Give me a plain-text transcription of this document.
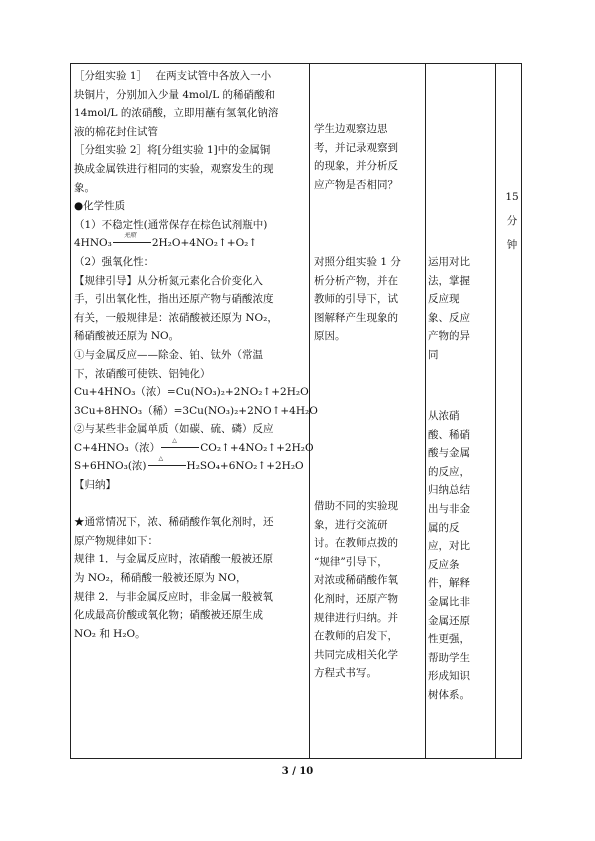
［分组实验 1］　 在两支试管中各放入一小
块铜片，分别加入少量 4mol/L 的稀硝酸和
14mol/L 的浓硝酸，立即用蘸有氢氧化钠溶
液的棉花封住试管
［分组实验 2］将[分组实验 1]中的金属铜
换成金属铁进行相同的实验，观察发生的现
象。
●化学性质
（1）不稳定性(通常保存在棕色试剂瓶中)
4HNO₃
光照
2H₂O+4NO₂↑+O₂↑
（2）强氧化性：
【规律引导】从分析氮元素化合价变化入
手，引出氧化性，指出还原产物与硝酸浓度
有关，一般规律是：浓硝酸被还原为 NO₂，
稀硝酸被还原为 NO。
①与金属反应——除金、铂、钛外（常温
下，浓硝酸可使铁、铝钝化）
Cu+4HNO₃（浓）=Cu(NO₃)₂+2NO₂↑+2H₂O
3Cu+8HNO₃（稀）=3Cu(NO₃)₂+2NO↑+4H₂O
②与某些非金属单质（如碳、硫、磷）反应
C+4HNO₃（浓）
△
CO₂↑+4NO₂↑+2H₂O
S+6HNO₃(浓)
△
H₂SO₄+6NO₂↑+2H₂O
【归纳】
★通常情况下，浓、稀硝酸作氧化剂时，还
原产物规律如下：
规律 1．与金属反应时，浓硝酸一般被还原
为 NO₂，稀硝酸一般被还原为 NO，
规律 2．与非金属反应时，非金属一般被氧
化成最高价酸或氧化物；硝酸被还原生成
NO₂ 和 H₂O。
学生边观察边思
考，并记录观察到
的现象，并分析反
应产物是否相同？
对照分组实验 1 分
析分析产物，并在
教师的引导下，试
图解释产生现象的
原因。
借助不同的实验现
象，进行交流研
讨。在教师点拨的
“规律”引导下，
对浓或稀硝酸作氧
化剂时，还原产物
规律进行归纳。并
在教师的启发下，
共同完成相关化学
方程式书写。
运用对比
法，掌握
反应现
象、反应
产物的异
同
从浓硝
酸、稀硝
酸与金属
的反应，
归纳总结
出与非金
属的反
应，对比
反应条
件，解释
金属比非
金属还原
性更强，
帮助学生
形成知识
树体系。
15
分
钟
3 / 10
